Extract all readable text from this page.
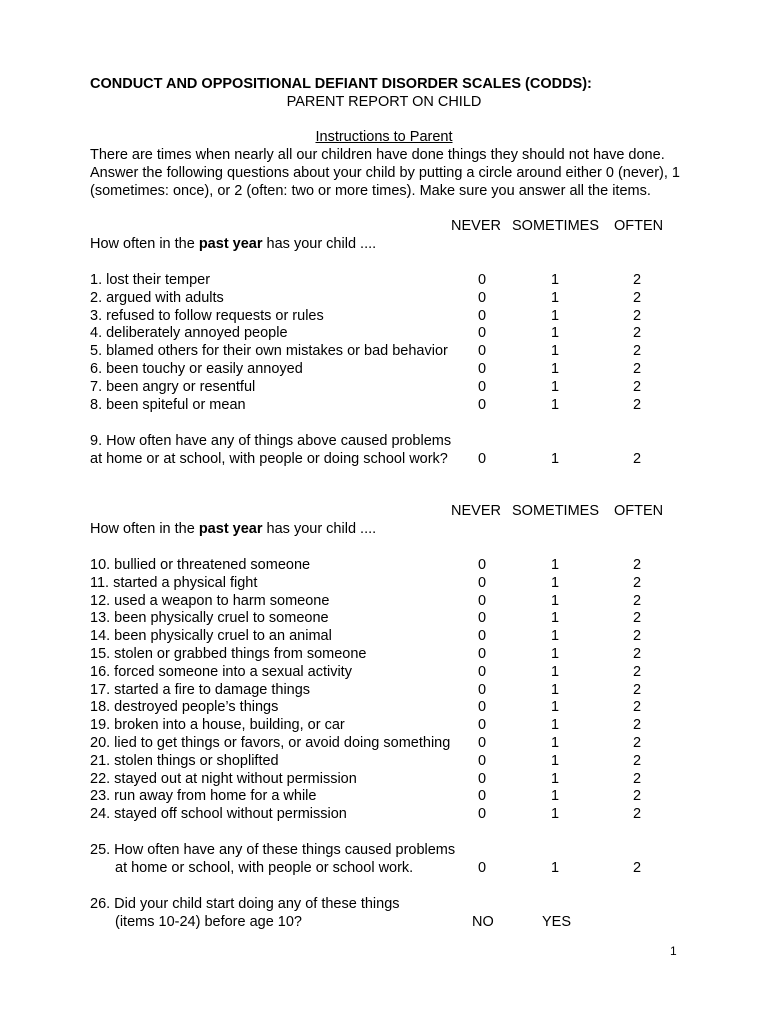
CONDUCT AND OPPOSITIONAL DEFIANT DISORDER SCALES (CODDS):
PARENT REPORT ON CHILD
Instructions to Parent
There are times when nearly all our children have done things they should not have done. Answer the following questions about your child by putting a circle around either 0 (never), 1 (sometimes: once), or 2 (often: two or more times). Make sure you answer all the items.
NEVER SOMETIMES OFTEN
How often in the past year has your child ....
1. lost their temper	0	1	2
2. argued with adults	0	1	2
3. refused to follow requests or rules	0	1	2
4. deliberately annoyed people	0	1	2
5. blamed others for their own mistakes or bad behavior 0	1	2
6. been touchy or easily annoyed	0	1	2
7. been angry or resentful	0	1	2
8. been spiteful or mean	0	1	2
9. How often have any of things above caused problems
at home or at school, with people or doing school work? 0	1	2
NEVER SOMETIMES OFTEN
How often in the past year has your child ....
10. bullied or threatened someone	0	1	2
11. started a physical fight	0	1	2
12. used a weapon to harm someone	0	1	2
13. been physically cruel to someone	0	1	2
14. been physically cruel to an animal	0	1	2
15. stolen or grabbed things from someone	0	1	2
16. forced someone into a sexual activity	0	1	2
17. started a fire to damage things	0	1	2
18. destroyed people’s things	0	1	2
19. broken into a house, building, or car	0	1	2
20. lied to get things or favors, or avoid doing something 0	1	2
21. stolen things or shoplifted	0	1	2
22. stayed out at night without permission	0	1	2
23. run away from home for a while	0	1	2
24. stayed off school without permission	0	1	2
25. How often have any of these things caused problems
at home or school, with people or school work.	0	1	2
26. Did your child start doing any of these things
(items 10-24) before age 10?	NO	YES
1
